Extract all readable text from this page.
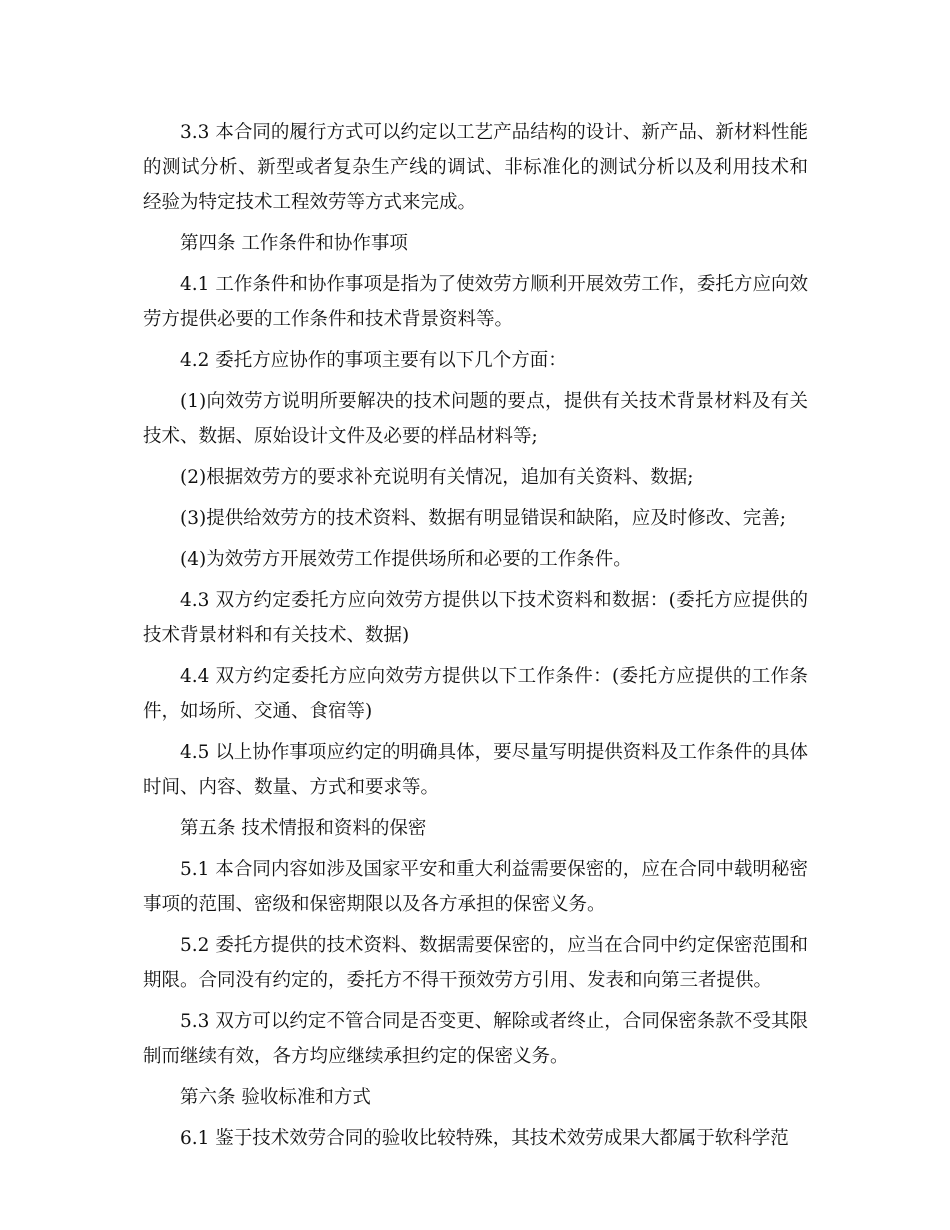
3.3 本合同的履行方式可以约定以工艺产品结构的设计、新产品、新材料性能的测试分析、新型或者复杂生产线的调试、非标准化的测试分析以及利用技术和经验为特定技术工程效劳等方式来完成。

第四条 工作条件和协作事项

4.1 工作条件和协作事项是指为了使效劳方顺利开展效劳工作，委托方应向效劳方提供必要的工作条件和技术背景资料等。

4.2 委托方应协作的事项主要有以下几个方面：

(1)向效劳方说明所要解决的技术问题的要点，提供有关技术背景材料及有关技术、数据、原始设计文件及必要的样品材料等;

(2)根据效劳方的要求补充说明有关情况，追加有关资料、数据;

(3)提供给效劳方的技术资料、数据有明显错误和缺陷，应及时修改、完善;

(4)为效劳方开展效劳工作提供场所和必要的工作条件。

4.3 双方约定委托方应向效劳方提供以下技术资料和数据：(委托方应提供的技术背景材料和有关技术、数据)

4.4 双方约定委托方应向效劳方提供以下工作条件：(委托方应提供的工作条件，如场所、交通、食宿等)

4.5 以上协作事项应约定的明确具体，要尽量写明提供资料及工作条件的具体时间、内容、数量、方式和要求等。

第五条 技术情报和资料的保密

5.1 本合同内容如涉及国家平安和重大利益需要保密的，应在合同中载明秘密事项的范围、密级和保密期限以及各方承担的保密义务。

5.2 委托方提供的技术资料、数据需要保密的，应当在合同中约定保密范围和期限。合同没有约定的，委托方不得干预效劳方引用、发表和向第三者提供。

5.3 双方可以约定不管合同是否变更、解除或者终止，合同保密条款不受其限制而继续有效，各方均应继续承担约定的保密义务。

第六条 验收标准和方式

6.1 鉴于技术效劳合同的验收比较特殊，其技术效劳成果大都属于软科学范
